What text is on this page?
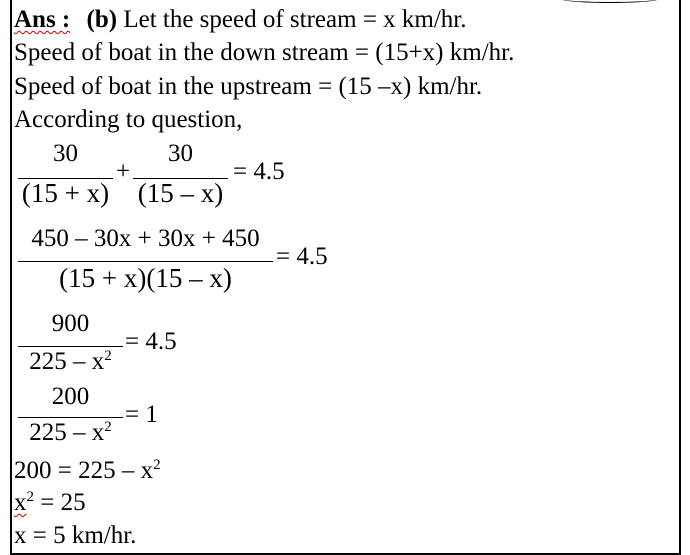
Ans : (b) Let the speed of stream = x km/hr.
Speed of boat in the down stream = (15+x) km/hr.
Speed of boat in the upstream = (15 –x) km/hr.
According to question,
30
(15 + x)
+
30
(15 – x)
= 4.5
450 – 30x + 30x + 450
(15 + x)(15 – x)
= 4.5
900
$225 - x^2$
= 4.5
200
$225 - x^2 = 1$
$200 = 225 - x^2$
$x^2 = 25$
x = 5 km/hr.
